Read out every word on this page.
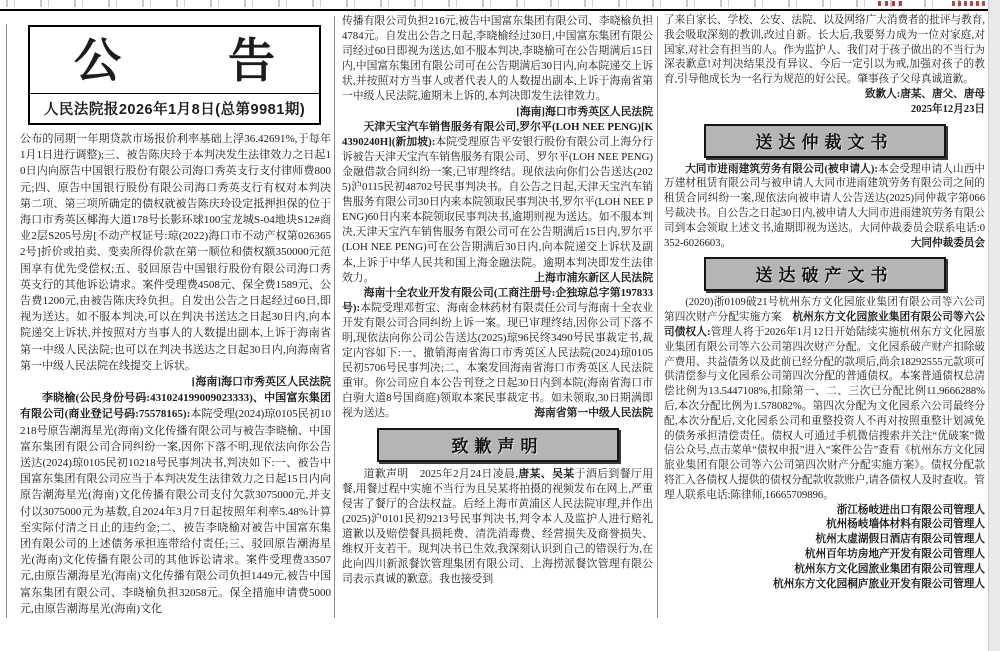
公　告
人民法院报2026年1月8日(总第9981期)
公布的同期一年期贷款市场报价利率基础上浮36.42691%,于每年1月1日进行调整);三、被告陈庆玲于本判决发生法律效力之日起10日内向原告中国银行股份有限公司海口秀英支行支付律师费800元;四、原告中国银行股份有限公司海口秀英支行有权对本判决第二项、第三项所确定的债权就被告陈庆玲设定抵押担保的位于海口市秀英区椰海大道178号长影环球100宝龙城S-04地块S12#商业2层S205号房[不动产权证号:琼(2022)海口市不动产权第0263652号]折价或拍卖、变卖所得价款在第一顺位和债权额350000元范围享有优先受偿权;五、驳回原告中国银行股份有限公司海口秀英支行的其他诉讼请求。案件受理费4508元、保全费1589元、公告费1200元,由被告陈庆玲负担。自发出公告之日起经过60日,即视为送达。如不服本判决,可以在判决书送达之日起30日内,向本院递交上诉状,并按照对方当事人的人数提出副本,上诉于海南省第一中级人民法院;也可以在判决书送达之日起30日内,向海南省第一中级人民法院在线提交上诉状。
[海南]海口市秀英区人民法院
李晓榆(公民身份号码:431024199009023333)、中国富东集团有限公司(商业登记号码:75578165):本院受理(2024)琼0105民初10218号原告潮海星光(海南)文化传播有限公司与被告李晓榆、中国富东集团有限公司合同纠纷一案,因你下落不明,现依法向你公告送达(2024)琼0105民初10218号民事判决书,判决如下:一、被告中国富东集团有限公司应当于本判决发生法律效力之日起15日内向原告潮海星光(海南)文化传播有限公司支付欠款3075000元,并支付以3075000元为基数,自2024年3月7日起按照年利率5.48%计算至实际付清之日止的违约金;二、被告李晓榆对被告中国富东集团有限公司的上述债务承担连带给付责任;三、驳回原告潮海星光(海南)文化传播有限公司的其他诉讼请求。案件受理费33507元,由原告潮海星光(海南)文化传播有限公司负担1449元,被告中国富东集团有限公司、李晓榆负担32058元。保全措施申请费5000元,由原告潮海星光(海南)文化
传播有限公司负担216元,被告中国富东集团有限公司、李晓榆负担4784元。自发出公告之日起,李晓榆经过30日,中国富东集团有限公司经过60日即视为送达,如不服本判决,李晓榆可在公告期满后15日内,中国富东集团有限公司可在公告期满后30日内,向本院递交上诉状,并按照对方当事人或者代表人的人数提出副本,上诉于海南省第一中级人民法院,逾期未上诉的,本判决即发生法律效力。
[海南]海口市秀英区人民法院
天津天宝汽车销售服务有限公司,罗尔平(LOH NEE PENG)[K4390240H](新加坡):本院受理原告平安银行股份有限公司上海分行诉被告天津天宝汽车销售服务有限公司、罗尔平(LOH NEE PENG)金融借款合同纠纷一案,已审理终结。现依法向你们公告送达(2025)沪0115民初48702号民事判决书。自公告之日起,天津天宝汽车销售服务有限公司30日内来本院领取民事判决书,罗尔平(LOH NEE PENG)60日内来本院领取民事判决书,逾期则视为送达。如不服本判决,天津天宝汽车销售服务有限公司可在公告期满后15日内,罗尔平(LOH NEE PENG)可在公告期满后30日内,向本院递交上诉状及副本,上诉于中华人民共和国上海金融法院。逾期本判决即发生法律效力。	上海市浦东新区人民法院
海南十全农业开发有限公司(工商注册号:企独琼总字第197833号):本院受理邓哲宝、海南金林药材有限责任公司与海南十全农业开发有限公司合同纠纷上诉一案。现已审理终结,因你公司下落不明,现依法向你公司公告送达(2025)琼96民终3490号民事裁定书,裁定内容如下:一、撤销海南省海口市秀英区人民法院(2024)琼0105民初5706号民事判决;二、本案发回海南省海口市秀英区人民法院重审。你公司应自本公告刊登之日起30日内到本院(海南省海口市白驹大道8号国商庭)领取本案民事裁定书。如未领取,30日期满即视为送达。	海南省第一中级人民法院
致歉声明
道歉声明　2025年2月24日凌晨,唐某、吴某于酒后到餐厅用餐,用餐过程中实施不当行为且吴某将拍摄的视频发布在网上,严重侵害了餐厅的合法权益。后经上海市黄浦区人民法院审理,并作出(2025)沪0101民初9213号民事判决书,判令本人及监护人进行赔礼道歉以及赔偿餐具损耗费、清洗消毒费、经营损失及商誉损失、维权开支若干。现判决书已生效,我深刻认识到自己的错误行为,在此向四川新派餐饮管理集团有限公司、上海捞派餐饮管理有限公司表示真诚的歉意。我也接受到
了来自家长、学校、公安、法院、以及网络广大消费者的批评与教育,我会吸取深刻的教训,改过自新。长大后,我要努力成为一位对家庭,对国家,对社会有担当的人。作为监护人、我们对于孩子做出的不当行为深表歉意!对判决结果没有异议、今后一定引以为戒,加强对孩子的教育,引导他成长为一名行为规范的好公民。肇事孩子父母真诚道歉。
致歉人:唐某、唐父、唐母
2025年12月23日
送达仲裁文书
大同市进雨建筑劳务有限公司(被申请人):本会受理申请人山西中万建材租赁有限公司与被申请人大同市进雨建筑劳务有限公司之间的租赁合同纠纷一案,现依法向被申请人公告送达(2025)同仲裁字第066号裁决书。自公告之日起30日内,被申请人大同市进雨建筑劳务有限公司到本会领取上述文书,逾期即视为送达。大同仲裁委员会联系电话:0352-6026603。	大同仲裁委员会
送达破产文书
(2020)浙0109破21号杭州东方文化园旅业集团有限公司等六公司第四次财产分配实施方案　杭州东方文化园旅业集团有限公司等六公司债权人:管理人将于2026年1月12日开始陆续实施杭州东方文化园旅业集团有限公司等六公司第四次财产分配。文化园系破产财产扣除破产费用、共益债务以及此前已经分配的款项后,尚余18292555元款项可供清偿参与文化园系公司第四次分配的普通债权。本案普通债权总清偿比例为13.5447108%,扣除第一、二、三次已分配比例11.9666288%后,本次分配比例为1.578082%。第四次分配为文化园系六公司最终分配,本次分配后,文化园系公司和重整投资人不再对按照重整计划减免的债务承担清偿责任。债权人可通过手机微信搜索并关注“优破案”微信公众号,点击菜单“债权申报”进入“案件公告”查看《杭州东方文化园旅业集团有限公司等六公司第四次财产分配实施方案》。债权分配款将汇入各债权人提供的债权分配款收款账户,请各债权人及时查收。管理人联系电话:陈律师,16665709896。
浙江杨岐进出口有限公司管理人
杭州杨岐墙体材料有限公司管理人
杭州太虚湖假日酒店有限公司管理人
杭州百年坊房地产开发有限公司管理人
杭州东方文化园旅业集团有限公司管理人
杭州东方文化园桐庐旅业开发有限公司管理人
